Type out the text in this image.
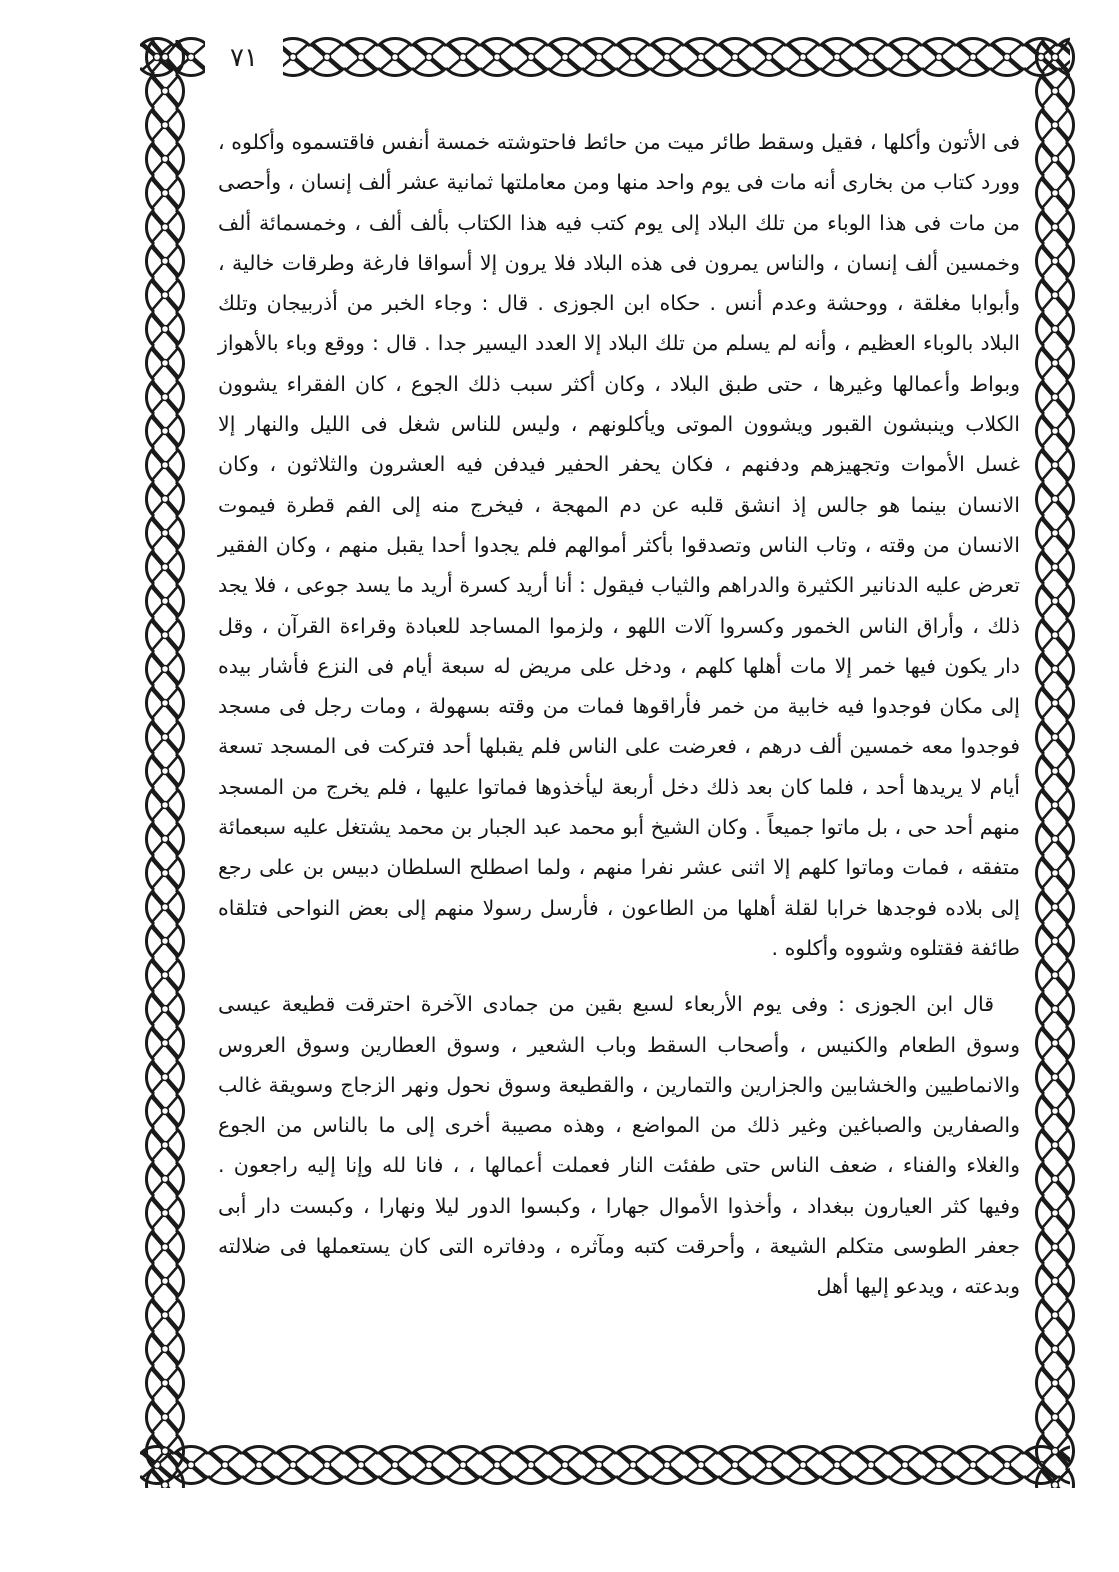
٧١

فى الأتون وأكلها ، فقيل وسقط طائر ميت من حائط فاحتوشته خمسة أنفس فاقتسموه وأكلوه ، وورد كتاب من بخارى أنه مات فى يوم واحد منها ومن معاملتها ثمانية عشر ألف إنسان ، وأحصى من مات فى هذا الوباء من تلك البلاد إلى يوم كتب فيه هذا الكتاب بألف ألف ، وخمسمائة ألف وخمسين ألف إنسان ، والناس يمرون فى هذه البلاد فلا يرون إلا أسواقا فارغة وطرقات خالية ، وأبوابا مغلقة ، ووحشة وعدم أنس . حكاه ابن الجوزى . قال : وجاء الخبر من أذربيجان وتلك البلاد بالوباء العظيم ، وأنه لم يسلم من تلك البلاد إلا العدد اليسير جدا . قال : ووقع وباء بالأهواز وبواط وأعمالها وغيرها ، حتى طبق البلاد ، وكان أكثر سبب ذلك الجوع ، كان الفقراء يشوون الكلاب وينبشون القبور ويشوون الموتى ويأكلونهم ، وليس للناس شغل فى الليل والنهار إلا غسل الأموات وتجهيزهم ودفنهم ، فكان يحفر الحفير فيدفن فيه العشرون والثلاثون ، وكان الانسان بينما هو جالس إذ انشق قلبه عن دم المهجة ، فيخرج منه إلى الفم قطرة فيموت الانسان من وقته ، وتاب الناس وتصدقوا بأكثر أموالهم فلم يجدوا أحدا يقبل منهم ، وكان الفقير تعرض عليه الدنانير الكثيرة والدراهم والثياب فيقول : أنا أريد كسرة أريد ما يسد جوعى ، فلا يجد ذلك ، وأراق الناس الخمور وكسروا آلات اللهو ، ولزموا المساجد للعبادة وقراءة القرآن ، وقل دار يكون فيها خمر إلا مات أهلها كلهم ، ودخل على مريض له سبعة أيام فى النزع فأشار بيده إلى مكان فوجدوا فيه خابية من خمر فأراقوها فمات من وقته بسهولة ، ومات رجل فى مسجد فوجدوا معه خمسين ألف درهم ، فعرضت على الناس فلم يقبلها أحد فتركت فى المسجد تسعة أيام لا يريدها أحد ، فلما كان بعد ذلك دخل أربعة ليأخذوها فماتوا عليها ، فلم يخرج من المسجد منهم أحد حى ، بل ماتوا جميعاً . وكان الشيخ أبو محمد عبد الجبار بن محمد يشتغل عليه سبعمائة متفقه ، فمات وماتوا كلهم إلا اثنى عشر نفرا منهم ، ولما اصطلح السلطان دبيس بن على رجع إلى بلاده فوجدها خرابا لقلة أهلها من الطاعون ، فأرسل رسولا منهم إلى بعض النواحى فتلقاه طائفة فقتلوه وشووه وأكلوه .

قال ابن الجوزى : وفى يوم الأربعاء لسبع بقين من جمادى الآخرة احترقت قطيعة عيسى وسوق الطعام والكنيس ، وأصحاب السقط وباب الشعير ، وسوق العطارين وسوق العروس والانماطيين والخشابين والجزارين والتمارين ، والقطيعة وسوق نحول ونهر الزجاج وسويقة غالب والصفارين والصباغين وغير ذلك من المواضع ، وهذه مصيبة أخرى إلى ما بالناس من الجوع والغلاء والفناء ، ضعف الناس حتى طفئت النار فعملت أعمالها ، ، فانا لله وإنا إليه راجعون . وفيها كثر العيارون ببغداد ، وأخذوا الأموال جهارا ، وكبسوا الدور ليلا ونهارا ، وكبست دار أبى جعفر الطوسى متكلم الشيعة ، وأحرقت كتبه ومآثره ، ودفاتره التى كان يستعملها فى ضلالته وبدعته ، ويدعو إليها أهل
